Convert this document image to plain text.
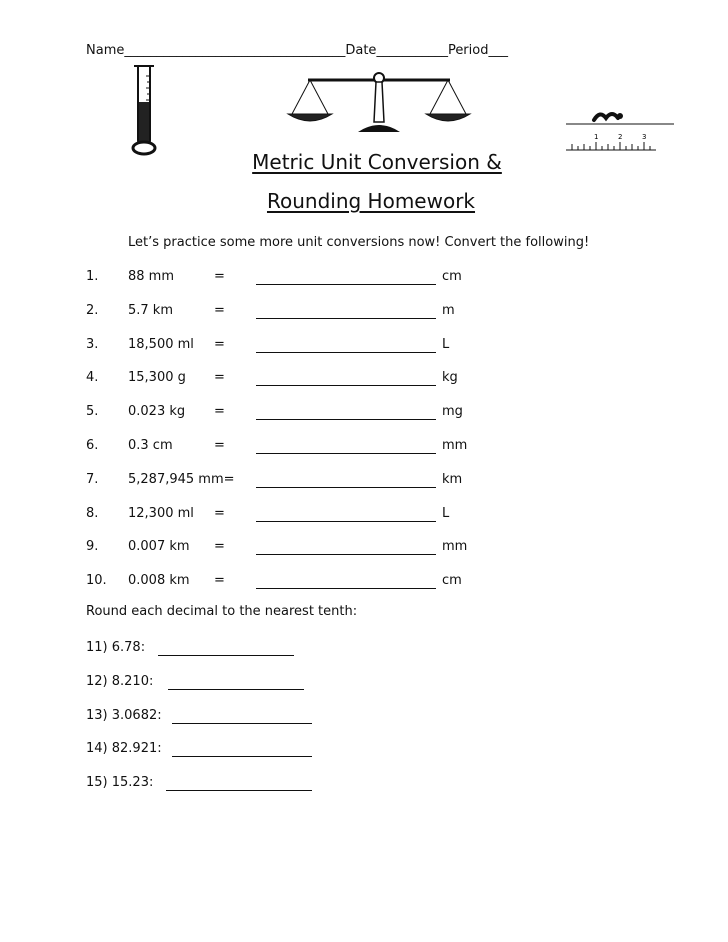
Name__________________________________Date___________Period___
1	2	3
Metric Unit Conversion &
Rounding Homework
Let’s practice some more unit conversions now! Convert the following!
1. 88 mm	=	cm
2. 5.7 km	=	m
3. 18,500 ml =	L
4. 15,300 g =	kg
5. 0.023 kg =	mg
6. 0.3 cm	=	mm
7. 5,287,945 mm=	km
8. 12,300 ml =	L
9. 0.007 km =	mm
10. 0.008 km =	cm
Round each decimal to the nearest tenth:
11) 6.78:
12) 8.210:
13) 3.0682:
14) 82.921:
15) 15.23:
